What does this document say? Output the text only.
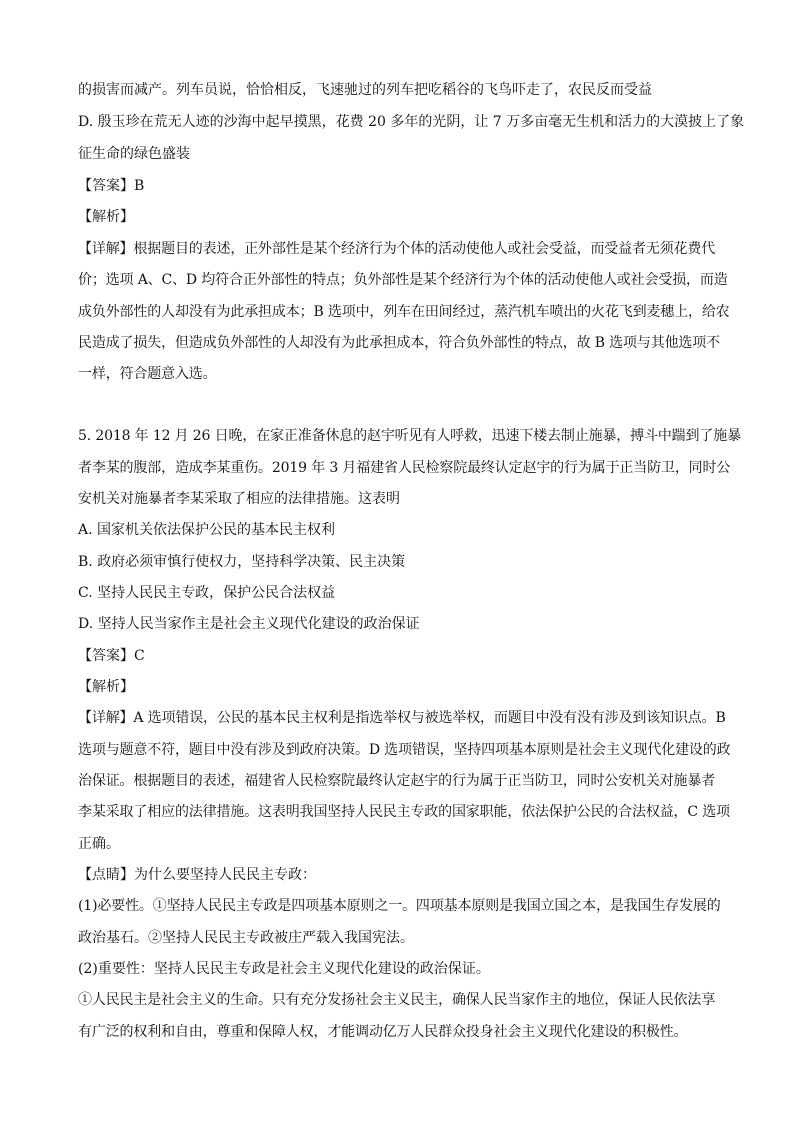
的损害而减产。列车员说，恰恰相反，飞速驰过的列车把吃稻谷的飞鸟吓走了，农民反而受益
D. 殷玉珍在荒无人迹的沙海中起早摸黑，花费 20 多年的光阴，让 7 万多亩毫无生机和活力的大漠披上了象
征生命的绿色盛装
【答案】B
【解析】
【详解】根据题目的表述，正外部性是某个经济行为个体的活动使他人或社会受益，而受益者无须花费代
价；选项 A、C、D 均符合正外部性的特点；负外部性是某个经济行为个体的活动使他人或社会受损，而造
成负外部性的人却没有为此承担成本；B 选项中，列车在田间经过，蒸汽机车喷出的火花飞到麦穗上，给农
民造成了损失，但造成负外部性的人却没有为此承担成本，符合负外部性的特点，故 B 选项与其他选项不
一样，符合题意入选。
5. 2018 年 12 月 26 日晚，在家正准备休息的赵宇听见有人呼救，迅速下楼去制止施暴，搏斗中踹到了施暴
者李某的腹部，造成李某重伤。2019 年 3 月福建省人民检察院最终认定赵宇的行为属于正当防卫，同时公
安机关对施暴者李某采取了相应的法律措施。这表明
A. 国家机关依法保护公民的基本民主权利
B. 政府必须审慎行使权力，坚持科学决策、民主决策
C. 坚持人民民主专政，保护公民合法权益
D. 坚持人民当家作主是社会主义现代化建设的政治保证
【答案】C
【解析】
【详解】A 选项错误，公民的基本民主权利是指选举权与被选举权，而题目中没有没有涉及到该知识点。B
选项与题意不符，题目中没有涉及到政府决策。D 选项错误，坚持四项基本原则是社会主义现代化建设的政
治保证。根据题目的表述，福建省人民检察院最终认定赵宇的行为属于正当防卫，同时公安机关对施暴者
李某采取了相应的法律措施。这表明我国坚持人民民主专政的国家职能，依法保护公民的合法权益，C 选项
正确。
【点睛】为什么要坚持人民民主专政：
(1)必要性。①坚持人民民主专政是四项基本原则之一。四项基本原则是我国立国之本，是我国生存发展的
政治基石。②坚持人民民主专政被庄严载入我国宪法。
(2)重要性：坚持人民民主专政是社会主义现代化建设的政治保证。
①人民民主是社会主义的生命。只有充分发扬社会主义民主，确保人民当家作主的地位，保证人民依法享
有广泛的权利和自由，尊重和保障人权，才能调动亿万人民群众投身社会主义现代化建设的积极性。
